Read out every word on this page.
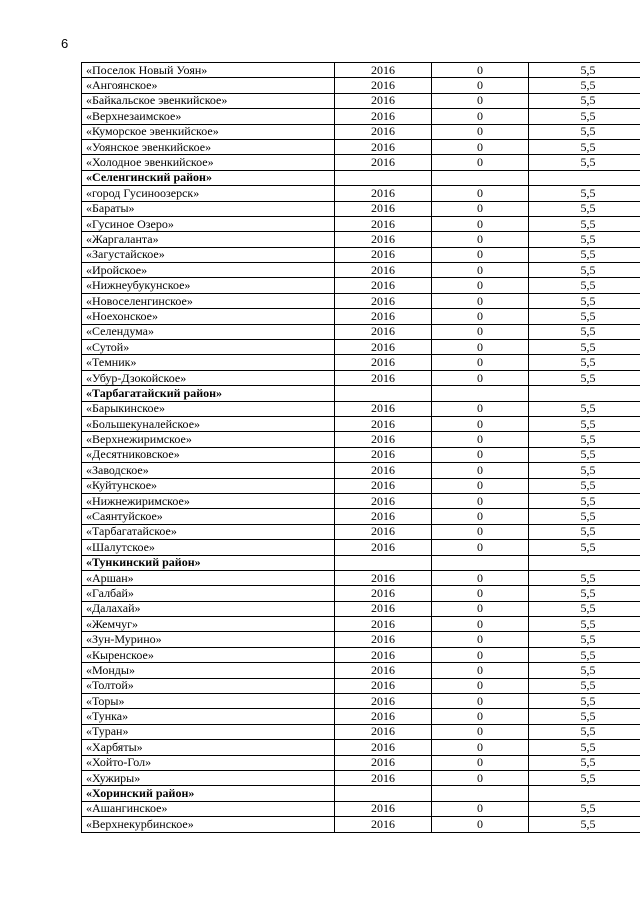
6
«Поселок Новый Уоян»	2016	0	5,5
«Ангоянское»	2016	0	5,5
«Байкальское эвенкийское»	2016	0	5,5
«Верхнезаимское»	2016	0	5,5
«Куморское эвенкийское»	2016	0	5,5
«Уоянское эвенкийское»	2016	0	5,5
«Холодное эвенкийское»	2016	0	5,5
«Селенгинский район»			
«город Гусиноозерск»	2016	0	5,5
«Бараты»	2016	0	5,5
«Гусиное Озеро»	2016	0	5,5
«Жаргаланта»	2016	0	5,5
«Загустайское»	2016	0	5,5
«Иройское»	2016	0	5,5
«Нижнеубукунское»	2016	0	5,5
«Новоселенгинское»	2016	0	5,5
«Ноехонское»	2016	0	5,5
«Селендума»	2016	0	5,5
«Сутой»	2016	0	5,5
«Темник»	2016	0	5,5
«Убур-Дзокойское»	2016	0	5,5
«Тарбагатайский район»			
«Барыкинское»	2016	0	5,5
«Большекуналейское»	2016	0	5,5
«Верхнежиримское»	2016	0	5,5
«Десятниковское»	2016	0	5,5
«Заводское»	2016	0	5,5
«Куйтунское»	2016	0	5,5
«Нижнежиримское»	2016	0	5,5
«Саянтуйское»	2016	0	5,5
«Тарбагатайское»	2016	0	5,5
«Шалутское»	2016	0	5,5
«Тункинский район»			
«Аршан»	2016	0	5,5
«Галбай»	2016	0	5,5
«Далахай»	2016	0	5,5
«Жемчуг»	2016	0	5,5
«Зун-Мурино»	2016	0	5,5
«Кыренское»	2016	0	5,5
«Монды»	2016	0	5,5
«Толтой»	2016	0	5,5
«Торы»	2016	0	5,5
«Тунка»	2016	0	5,5
«Туран»	2016	0	5,5
«Харбяты»	2016	0	5,5
«Хойто-Гол»	2016	0	5,5
«Хужиры»	2016	0	5,5
«Хоринский район»			
«Ашангинское»	2016	0	5,5
«Верхнекурбинское»	2016	0	5,5
